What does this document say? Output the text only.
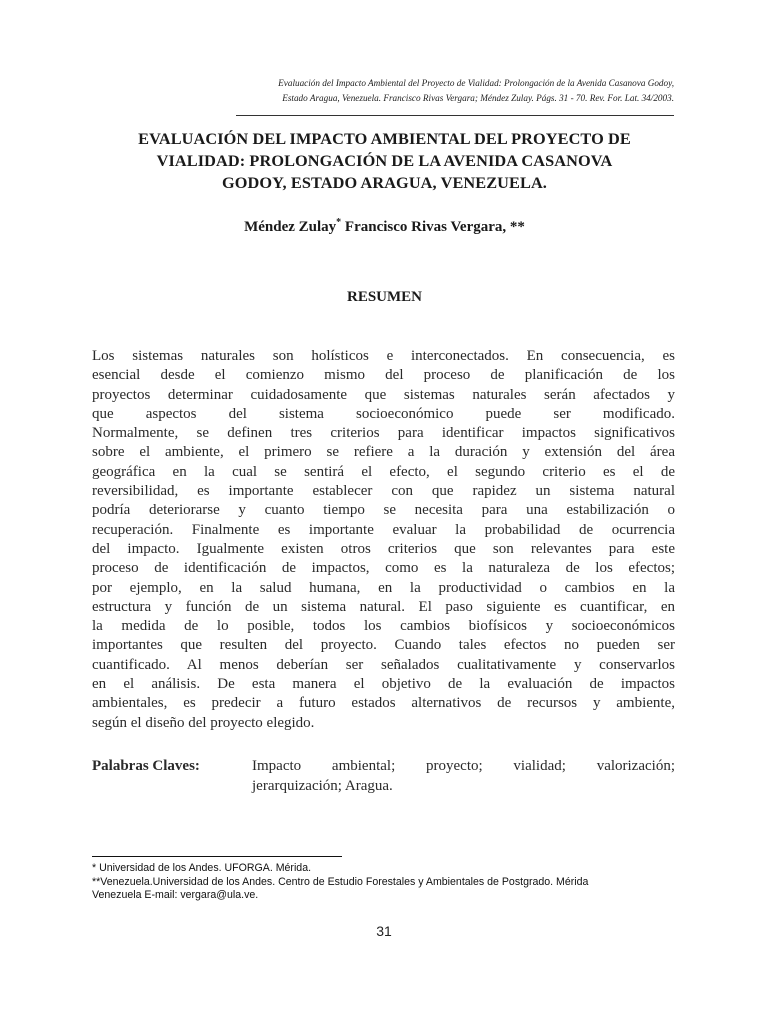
Evaluación del Impacto Ambiental del Proyecto de Vialidad: Prolongación de la Avenida Casanova Godoy,
Estado Aragua, Venezuela. Francisco Rivas Vergara; Méndez Zulay. Págs. 31 - 70. Rev. For. Lat. 34/2003.
EVALUACIÓN DEL IMPACTO AMBIENTAL DEL PROYECTO DE
VIALIDAD: PROLONGACIÓN DE LA AVENIDA CASANOVA
GODOY, ESTADO ARAGUA, VENEZUELA.
Méndez Zulay* Francisco Rivas Vergara, **
RESUMEN
Los sistemas naturales son holísticos e interconectados. En consecuencia, es
esencial desde el comienzo mismo del proceso de planificación de los
proyectos determinar cuidadosamente que sistemas naturales serán afectados y
que aspectos del sistema socioeconómico puede ser modificado.
Normalmente, se definen tres criterios para identificar impactos significativos
sobre el ambiente, el primero se refiere a la duración y extensión del área
geográfica en la cual se sentirá el efecto, el segundo criterio es el de
reversibilidad, es importante establecer con que rapidez un sistema natural
podría deteriorarse y cuanto tiempo se necesita para una estabilización o
recuperación. Finalmente es importante evaluar la probabilidad de ocurrencia
del impacto. Igualmente existen otros criterios que son relevantes para este
proceso de identificación de impactos, como es la naturaleza de los efectos;
por ejemplo, en la salud humana, en la productividad o cambios en la
estructura y función de un sistema natural. El paso siguiente es cuantificar, en
la medida de lo posible, todos los cambios biofísicos y socioeconómicos
importantes que resulten del proyecto. Cuando tales efectos no pueden ser
cuantificado. Al menos deberían ser señalados cualitativamente y conservarlos
en el análisis. De esta manera el objetivo de la evaluación de impactos
ambientales, es predecir a futuro estados alternativos de recursos y ambiente,
según el diseño del proyecto elegido.
Palabras Claves:	Impacto ambiental; proyecto; vialidad; valorización;
jerarquización; Aragua.
* Universidad de los Andes. UFORGA. Mérida.
**Venezuela.Universidad de los Andes. Centro de Estudio Forestales y Ambientales de Postgrado. Mérida
Venezuela E-mail: vergara@ula.ve.
31
